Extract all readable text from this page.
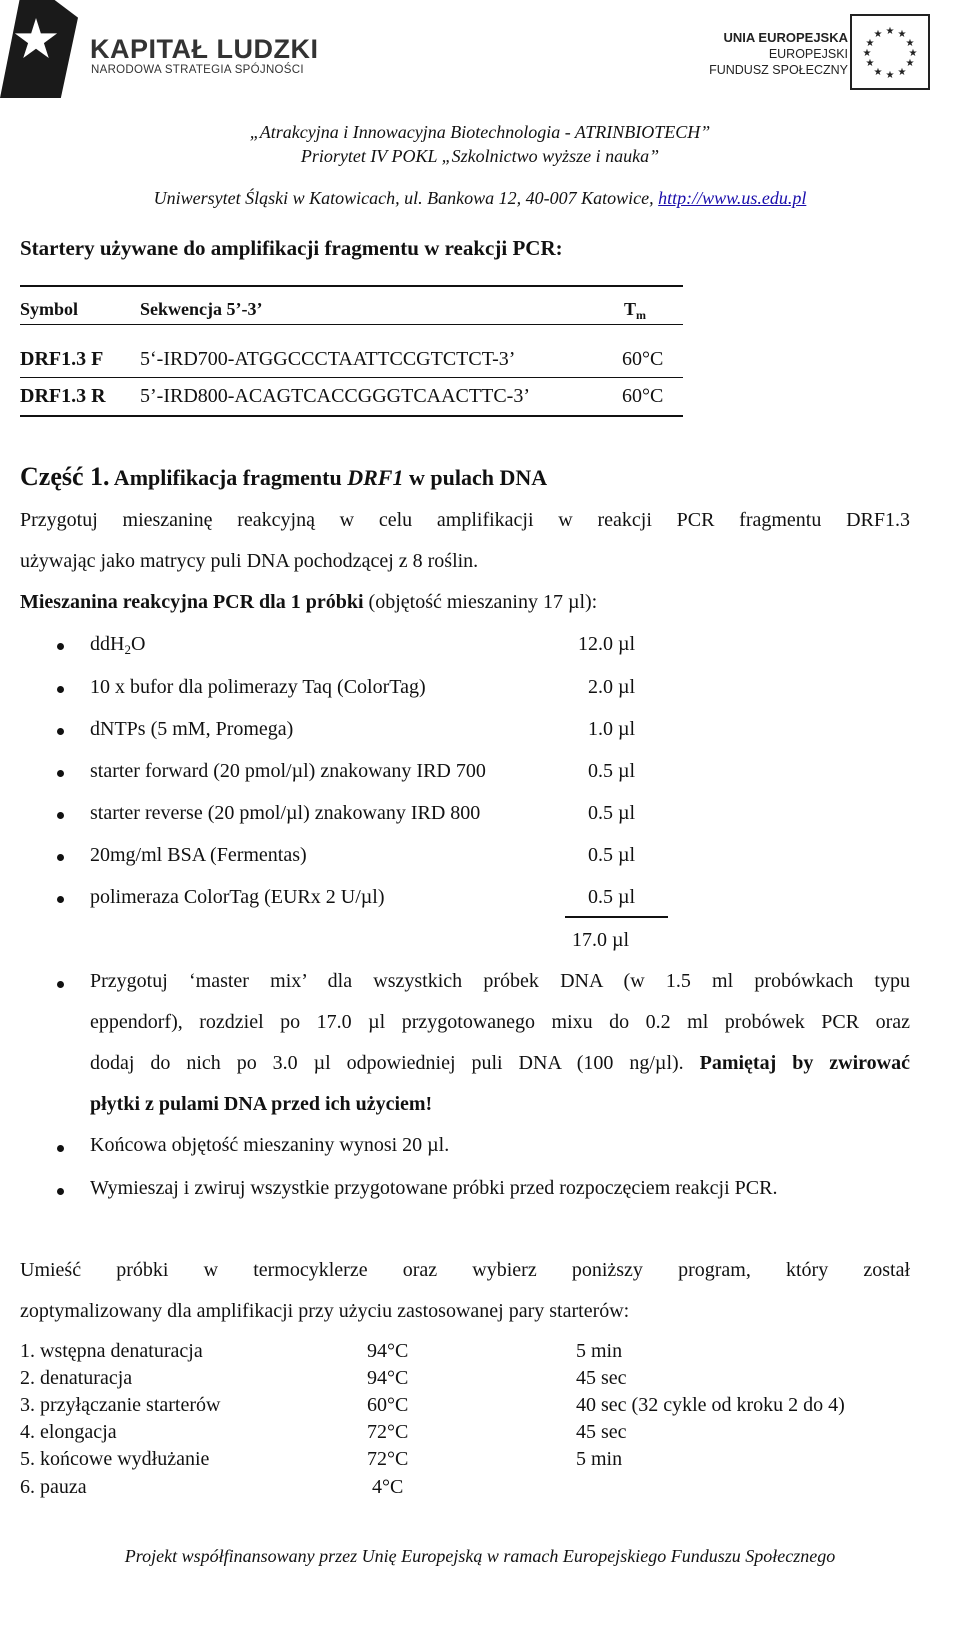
KAPITAŁ LUDZKI
NARODOWA STRATEGIA SPÓJNOŚCI
UNIA EUROPEJSKA
EUROPEJSKI
FUNDUSZ SPOŁECZNY
★ ★
★
★
★
★
★
★
★
★
★
★
„Atrakcyjna i Innowacyjna Biotechnologia - ATRINBIOTECH”
Priorytet IV POKL „Szkolnictwo wyższe i nauka”
Uniwersytet Śląski w Katowicach, ul. Bankowa 12, 40-007 Katowice, http://www.us.edu.pl
Startery używane do amplifikacji fragmentu w reakcji PCR:
Symbol	Sekwencja 5’-3’	$T_m$
DRF1.3 F 5‘-IRD700-ATGGCCCTAATTCCGTCTCT-3’	60°C
DRF1.3 R 5’-IRD800-ACAGTCACCGGGTCAACTTC-3’	60°C
Część 1. Amplifikacja fragmentu DRF1 w pulach DNA
Przygotuj mieszaninę reakcyjną w celu amplifikacji w reakcji PCR fragmentu DRF1.3
używając jako matrycy puli DNA pochodzącej z 8 roślin.
Mieszanina reakcyjna PCR dla 1 próbki (objętość mieszaniny 17 µl):
ddH$_2$O	12.0 µl
10 x bufor dla polimerazy Taq (ColorTag)	2.0 µl
dNTPs (5 mM, Promega)	1.0 µl
starter forward (20 pmol/µl) znakowany IRD 700	0.5 µl
starter reverse (20 pmol/µl) znakowany IRD 800	0.5 µl
20mg/ml BSA (Fermentas)	0.5 µl
polimeraza ColorTag (EURx 2 U/µl)	0.5 µl
17.0 µl
Przygotuj ‘master mix’ dla wszystkich próbek DNA (w 1.5 ml probówkach typu
eppendorf), rozdziel po 17.0 µl przygotowanego mixu do 0.2 ml probówek PCR oraz
dodaj do nich po 3.0 µl odpowiedniej puli DNA (100 ng/µl). Pamiętaj by zwirować
płytki z pulami DNA przed ich użyciem!
Końcowa objętość mieszaniny wynosi 20 µl.
Wymieszaj i zwiruj wszystkie przygotowane próbki przed rozpoczęciem reakcji PCR.
Umieść próbki w termocyklerze oraz wybierz poniższy program, który został
zoptymalizowany dla amplifikacji przy użyciu zastosowanej pary starterów:
1. wstępna denaturacja	94°C	5 min
2. denaturacja	94°C	45 sec
3. przyłączanie starterów	60°C	40 sec (32 cykle od kroku 2 do 4)
4. elongacja	72°C	45 sec
5. końcowe wydłużanie	72°C	5 min
6. pauza	4°C
Projekt współfinansowany przez Unię Europejską w ramach Europejskiego Funduszu Społecznego
